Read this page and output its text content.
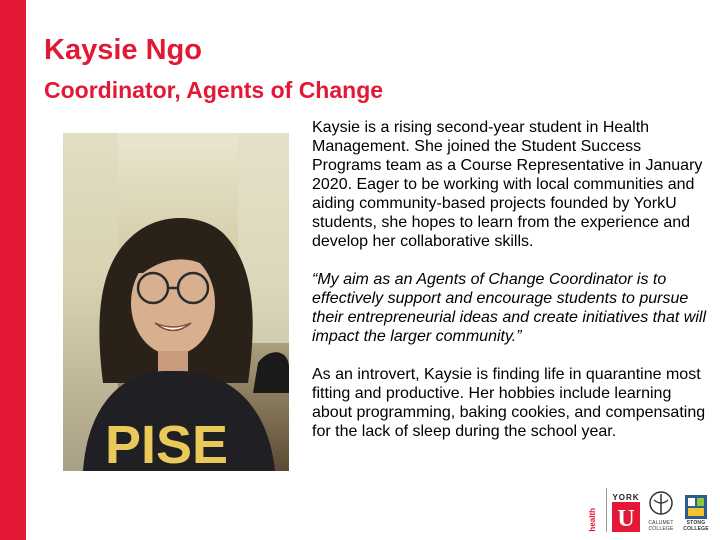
Kaysie Ngo
Coordinator, Agents of Change
PISE

Kaysie is a rising second-year student in Health Management. She joined the Student Success Programs team as a Course Representative in January 2020. Eager to be working with local communities and aiding community-based projects founded by YorkU students, she hopes to learn from the experience and develop her collaborative skills.

“My aim as an Agents of Change Coordinator is to effectively support and encourage students to pursue their entrepreneurial ideas and create initiatives that will impact the larger community.”

As an introvert, Kaysie is finding life in quarantine most fitting and productive. Her hobbies include learning about programming, baking cookies, and compensating for the lack of sleep during the school year.

health
YORK
U	CALUMET COLLEGE
STONG COLLEGE
